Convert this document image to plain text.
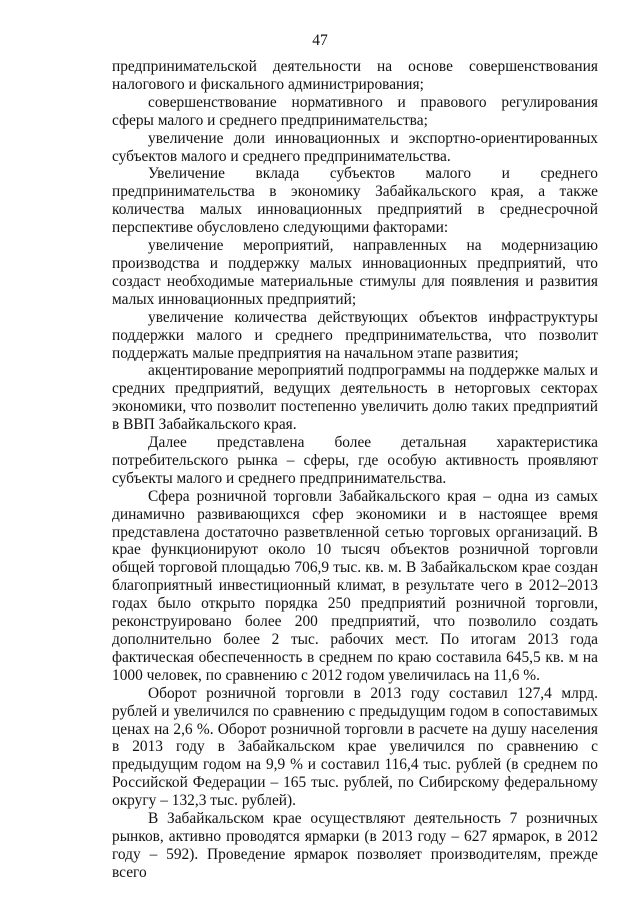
47

предпринимательской деятельности на основе совершенствования налогового и фискального администрирования;

совершенствование нормативного и правового регулирования сферы малого и среднего предпринимательства;

увеличение доли инновационных и экспортно-ориентированных субъектов малого и среднего предпринимательства.

Увеличение вклада субъектов малого и среднего предпринимательства в экономику Забайкальского края, а также количества малых инновационных предприятий в среднесрочной перспективе обусловлено следующими факторами:

увеличение мероприятий, направленных на модернизацию производства и поддержку малых инновационных предприятий, что создаст необходимые материальные стимулы для появления и развития малых инновационных предприятий;

увеличение количества действующих объектов инфраструктуры поддержки малого и среднего предпринимательства, что позволит поддержать малые предприятия на начальном этапе развития;

акцентирование мероприятий подпрограммы на поддержке малых и средних предприятий, ведущих деятельность в неторговых секторах экономики, что позволит постепенно увеличить долю таких предприятий в ВВП Забайкальского края.

Далее представлена более детальная характеристика потребительского рынка – сферы, где особую активность проявляют субъекты малого и среднего предпринимательства.

Сфера розничной торговли Забайкальского края – одна из самых динамично развивающихся сфер экономики и в настоящее время представлена достаточно разветвленной сетью торговых организаций. В крае функционируют около 10 тысяч объектов розничной торговли общей торговой площадью 706,9 тыс. кв. м. В Забайкальском крае создан благоприятный инвестиционный климат, в результате чего в 2012–2013 годах было открыто порядка 250 предприятий розничной торговли, реконструировано более 200 предприятий, что позволило создать дополнительно более 2 тыс. рабочих мест. По итогам 2013 года фактическая обеспеченность в среднем по краю составила 645,5 кв. м на 1000 человек, по сравнению с 2012 годом увеличилась на 11,6 %.

Оборот розничной торговли в 2013 году составил 127,4 млрд. рублей и увеличился по сравнению с предыдущим годом в сопоставимых ценах на 2,6 %. Оборот розничной торговли в расчете на душу населения в 2013 году в Забайкальском крае увеличился по сравнению с предыдущим годом на 9,9 % и составил 116,4 тыс. рублей (в среднем по Российской Федерации – 165 тыс. рублей, по Сибирскому федеральному округу – 132,3 тыс. рублей).

В Забайкальском крае осуществляют деятельность 7 розничных рынков, активно проводятся ярмарки (в 2013 году – 627 ярмарок, в 2012 году – 592). Проведение ярмарок позволяет производителям, прежде всего
